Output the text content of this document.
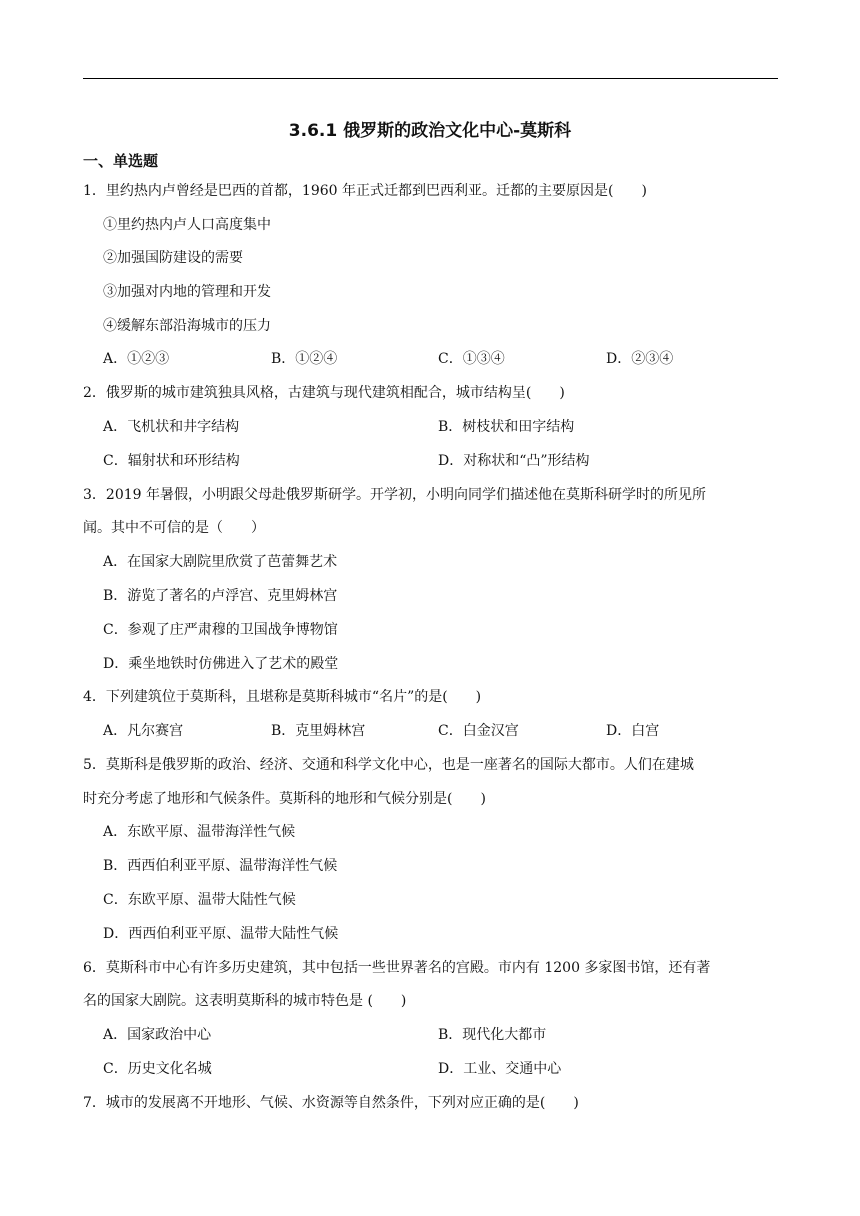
3.6.1 俄罗斯的政治文化中心-莫斯科
一、单选题
1．里约热内卢曾经是巴西的首都，1960 年正式迁都到巴西利亚。迁都的主要原因是(　　)
①里约热内卢人口高度集中
②加强国防建设的需要
③加强对内地的管理和开发
④缓解东部沿海城市的压力
A．①②③	B．①②④	C．①③④	D．②③④
2．俄罗斯的城市建筑独具风格，古建筑与现代建筑相配合，城市结构呈(　　)
A．飞机状和井字结构	B．树枝状和田字结构
C．辐射状和环形结构	D．对称状和“凸”形结构
3．2019 年暑假，小明跟父母赴俄罗斯研学。开学初，小明向同学们描述他在莫斯科研学时的所见所
闻。其中不可信的是（　　）
A．在国家大剧院里欣赏了芭蕾舞艺术
B．游览了著名的卢浮宫、克里姆林宫
C．参观了庄严肃穆的卫国战争博物馆
D．乘坐地铁时仿佛进入了艺术的殿堂
4．下列建筑位于莫斯科，且堪称是莫斯科城市“名片”的是(　　)
A．凡尔赛宫	B．克里姆林宫	C．白金汉宫	D．白宫
5．莫斯科是俄罗斯的政治、经济、交通和科学文化中心，也是一座著名的国际大都市。人们在建城
时充分考虑了地形和气候条件。莫斯科的地形和气候分别是(　　)
A．东欧平原、温带海洋性气候
B．西西伯利亚平原、温带海洋性气候
C．东欧平原、温带大陆性气候
D．西西伯利亚平原、温带大陆性气候
6．莫斯科市中心有许多历史建筑，其中包括一些世界著名的宫殿。市内有 1200 多家图书馆，还有著
名的国家大剧院。这表明莫斯科的城市特色是 (　　)
A．国家政治中心	B．现代化大都市
C．历史文化名城	D．工业、交通中心
7．城市的发展离不开地形、气候、水资源等自然条件，下列对应正确的是(　　)
